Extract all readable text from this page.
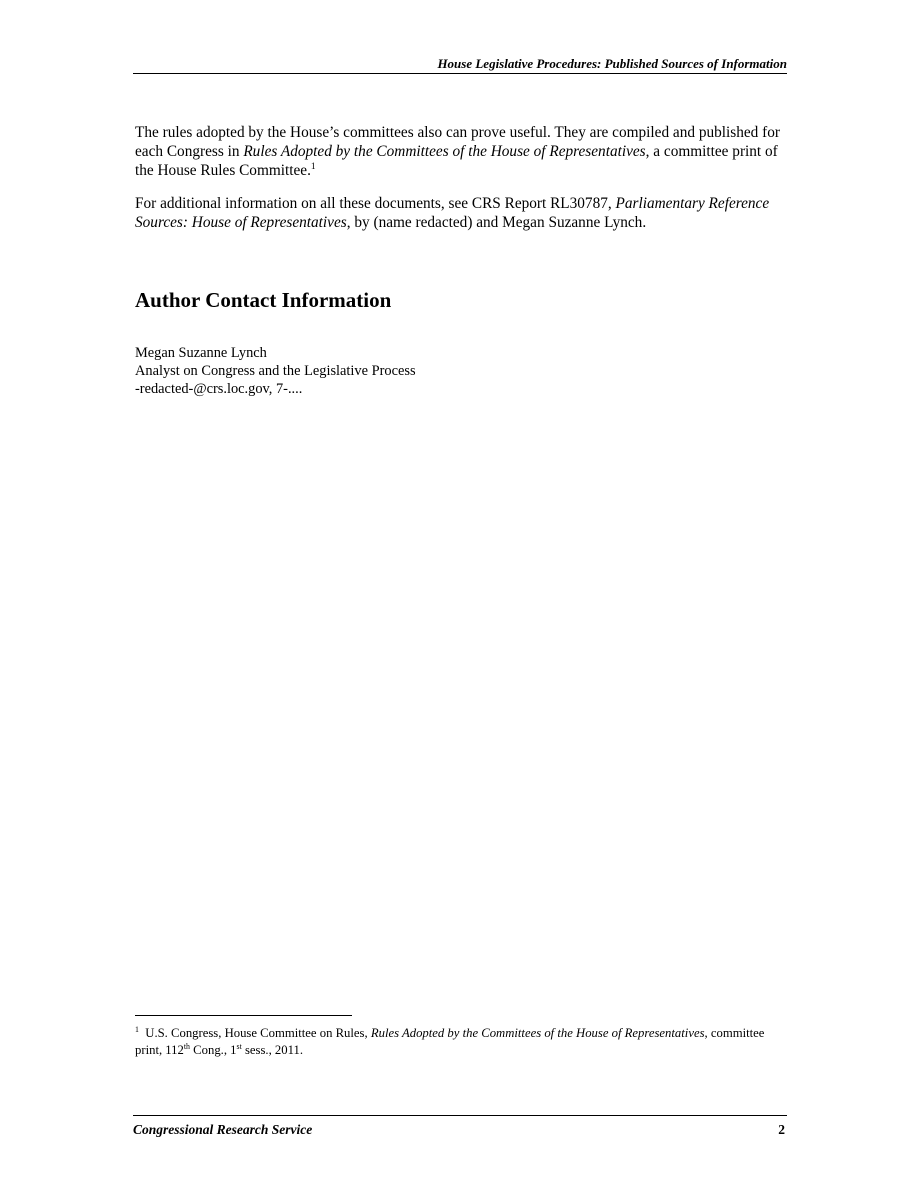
House Legislative Procedures: Published Sources of Information

The rules adopted by the House’s committees also can prove useful. They are compiled and published for each Congress in Rules Adopted by the Committees of the House of Representatives, a committee print of the House Rules Committee.$^1$

For additional information on all these documents, see CRS Report RL30787, Parliamentary Reference Sources: House of Representatives, by (name redacted) and Megan Suzanne Lynch.

Author Contact Information
Megan Suzanne Lynch
Analyst on Congress and the Legislative Process
-redacted-@crs.loc.gov, 7-....
$^1$ U.S. Congress, House Committee on Rules, Rules Adopted by the Committees of the House of Representatives, committee print, 112th Cong., 1st sess., 2011.
Congressional Research Service	2
